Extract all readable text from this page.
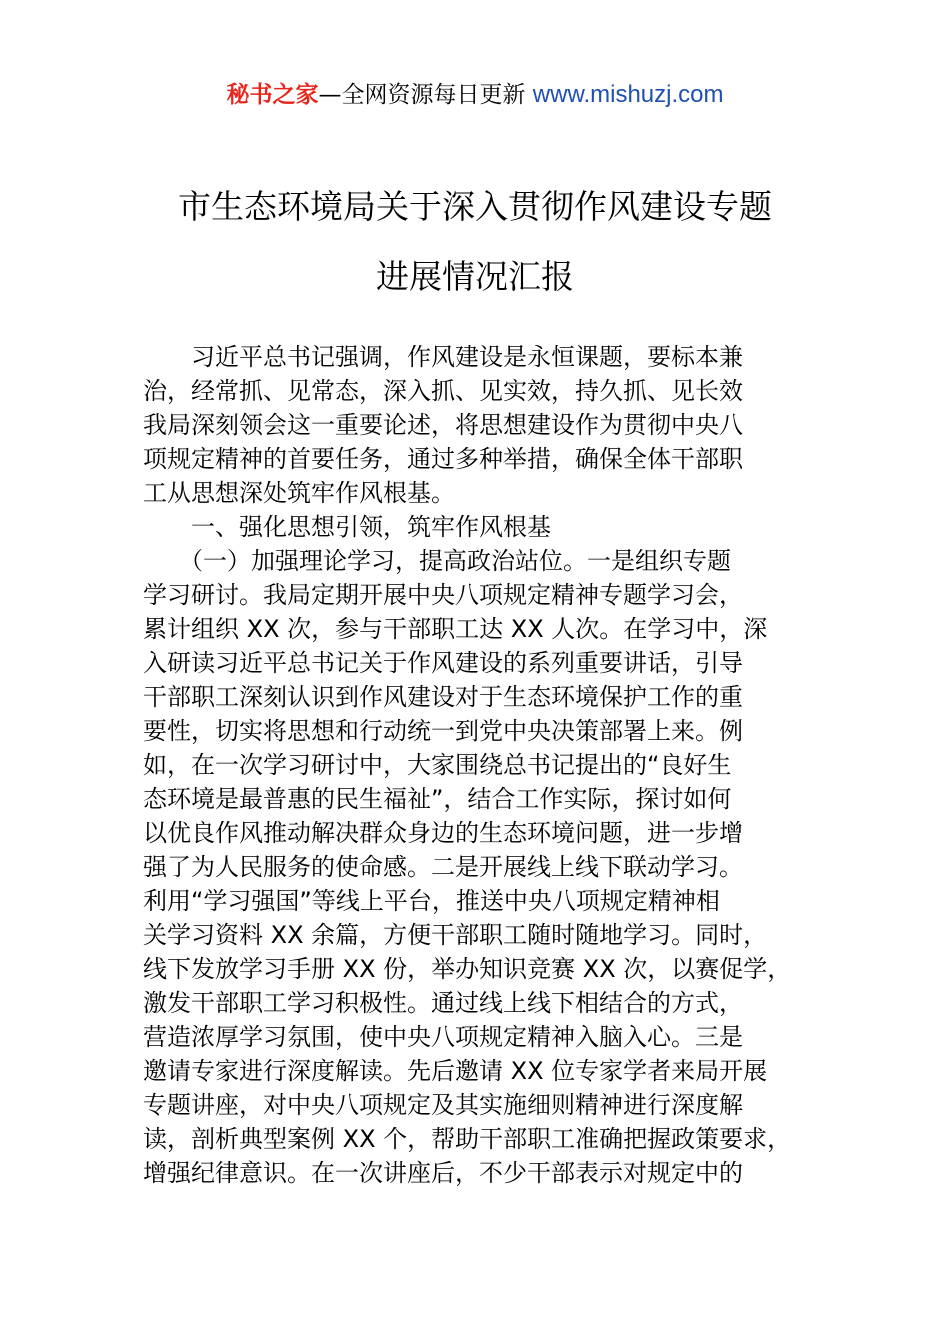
秘书之家—全网资源每日更新 www.mishuzj.com
市生态环境局关于深入贯彻作风建设专题
进展情况汇报
　　习近平总书记强调，作风建设是永恒课题，要标本兼
治，经常抓、见常态，深入抓、见实效，持久抓、见长效
我局深刻领会这一重要论述，将思想建设作为贯彻中央八
项规定精神的首要任务，通过多种举措，确保全体干部职
工从思想深处筑牢作风根基。
　　一、强化思想引领，筑牢作风根基
　　（一）加强理论学习，提高政治站位。一是组织专题
学习研讨。我局定期开展中央八项规定精神专题学习会，
累计组织 XX 次，参与干部职工达 XX 人次。在学习中，深
入研读习近平总书记关于作风建设的系列重要讲话，引导
干部职工深刻认识到作风建设对于生态环境保护工作的重
要性，切实将思想和行动统一到党中央决策部署上来。例
如，在一次学习研讨中，大家围绕总书记提出的“良好生
态环境是最普惠的民生福祉”，结合工作实际，探讨如何
以优良作风推动解决群众身边的生态环境问题，进一步增
强了为人民服务的使命感。二是开展线上线下联动学习。
利用“学习强国”等线上平台，推送中央八项规定精神相
关学习资料 XX 余篇，方便干部职工随时随地学习。同时，
线下发放学习手册 XX 份，举办知识竞赛 XX 次，以赛促学，
激发干部职工学习积极性。通过线上线下相结合的方式，
营造浓厚学习氛围，使中央八项规定精神入脑入心。三是
邀请专家进行深度解读。先后邀请 XX 位专家学者来局开展
专题讲座，对中央八项规定及其实施细则精神进行深度解
读，剖析典型案例 XX 个，帮助干部职工准确把握政策要求，
增强纪律意识。在一次讲座后，不少干部表示对规定中的
